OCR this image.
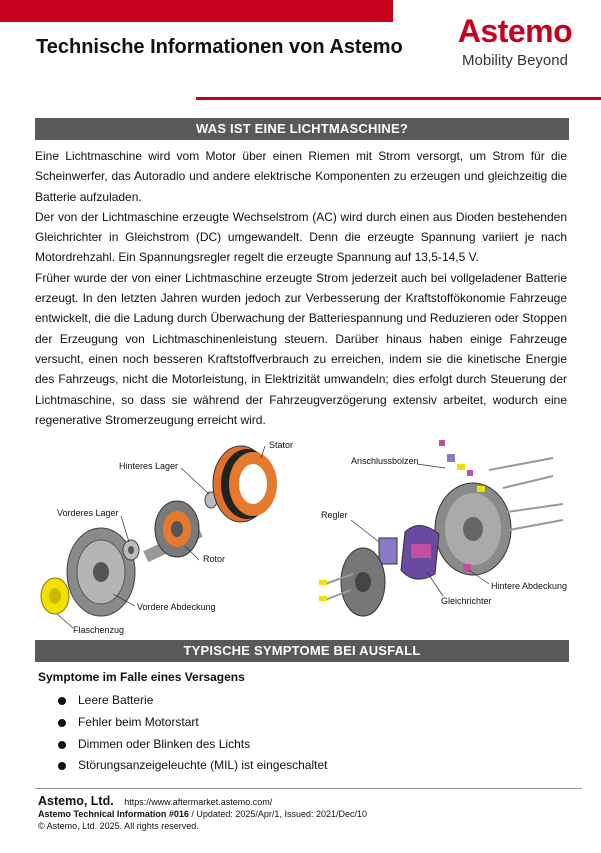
Technische Informationen von Astemo	Astemo
Mobility Beyond
WAS IST EINE LICHTMASCHINE?

Eine Lichtmaschine wird vom Motor über einen Riemen mit Strom versorgt, um Strom für die Scheinwerfer, das Autoradio und andere elektrische Komponenten zu erzeugen und gleichzeitig die Batterie aufzuladen.

Der von der Lichtmaschine erzeugte Wechselstrom (AC) wird durch einen aus Dioden bestehenden Gleichrichter in Gleichstrom (DC) umgewandelt. Denn die erzeugte Spannung variiert je nach Motordrehzahl. Ein Spannungsregler regelt die erzeugte Spannung auf 13,5-14,5 V.

Früher wurde der von einer Lichtmaschine erzeugte Strom jederzeit auch bei vollgeladener Batterie erzeugt. In den letzten Jahren wurden jedoch zur Verbesserung der Kraftstoffökonomie Fahrzeuge entwickelt, die die Ladung durch Überwachung der Batteriespannung und Reduzieren oder Stoppen der Erzeugung von Lichtmaschinenleistung steuern. Darüber hinaus haben einige Fahrzeuge versucht, einen noch besseren Kraftstoffverbrauch zu erreichen, indem sie die kinetische Energie des Fahrzeugs, nicht die Motorleistung, in Elektrizität umwandeln; dies erfolgt durch Steuerung der Lichtmaschine, so dass sie während der Fahrzeugverzögerung extensiv arbeitet, wodurch eine regenerative Stromerzeugung erreicht wird.

Stator
Hinteres Lager
Vorderes Lager
Rotor
Vordere Abdeckung
Flaschenzug
Anschlussbolzen
Regler
Hintere Abdeckung
Gleichrichter
TYPISCHE SYMPTOME BEI AUSFALL
Symptome im Falle eines Versagens
Leere Batterie
Fehler beim Motorstart
Dimmen oder Blinken des Lichts
Störungsanzeigeleuchte (MIL) ist eingeschaltet
Astemo, Ltd. https://www.aftermarket.astemo.com/
Astemo Technical Information #016 / Updated: 2025/Apr/1, Issued: 2021/Dec/10
© Astemo, Ltd. 2025. All rights reserved.
